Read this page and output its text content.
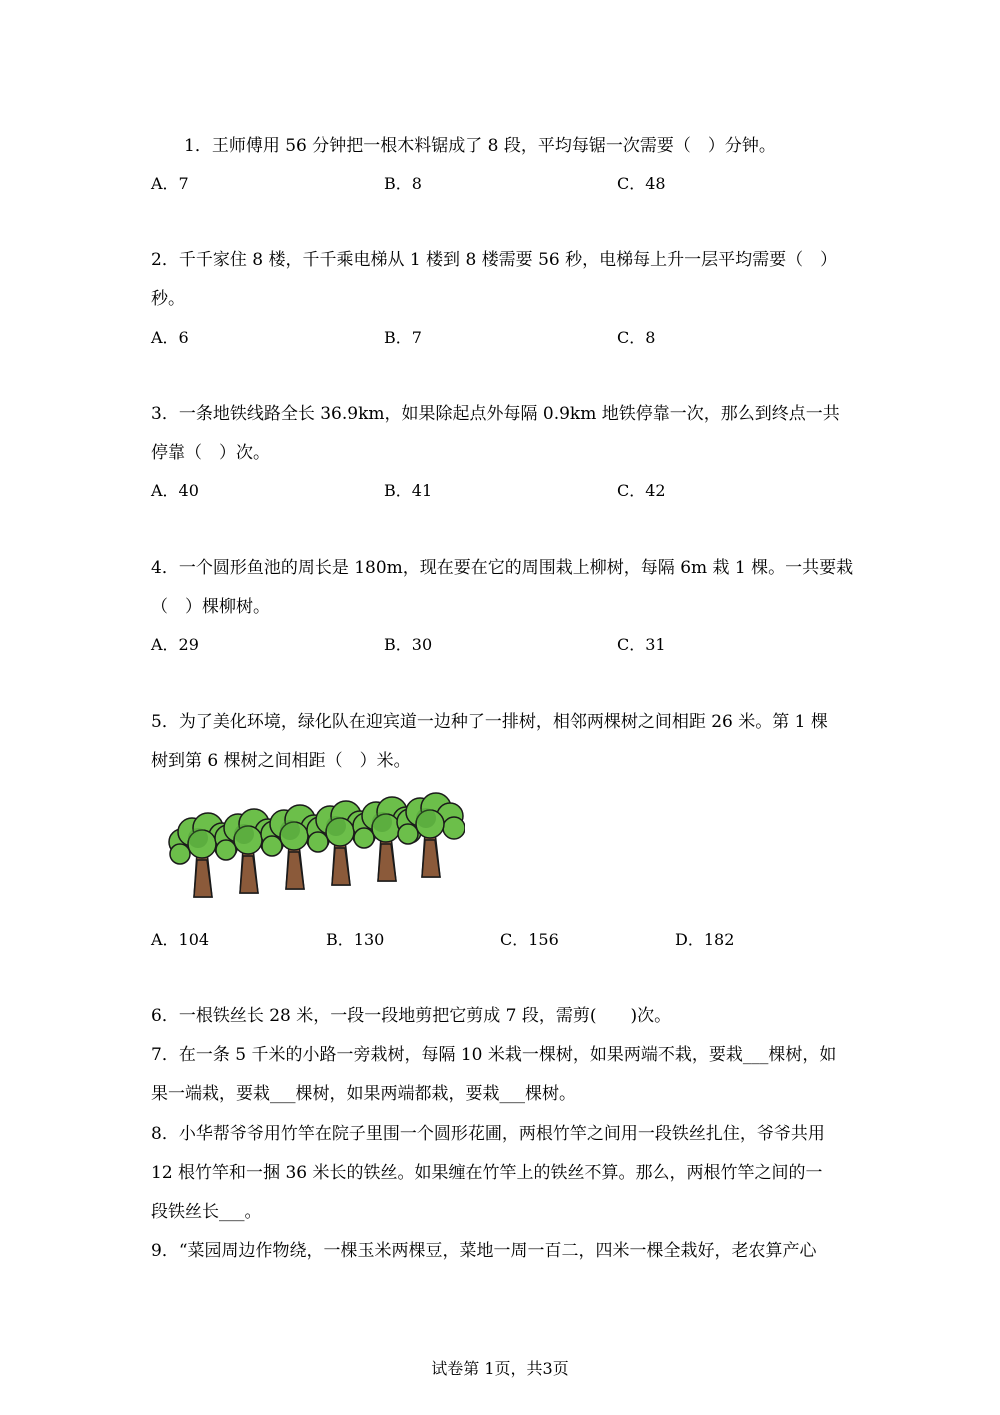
1．王师傅用 56 分钟把一根木料锯成了 8 段，平均每锯一次需要（　）分钟。
A．7	B．8	C．48
2．千千家住 8 楼，千千乘电梯从 1 楼到 8 楼需要 56 秒，电梯每上升一层平均需要（　）
秒。
A．6	B．7	C．8
3．一条地铁线路全长 36.9km，如果除起点外每隔 0.9km 地铁停靠一次，那么到终点一共
停靠（　）次。
A．40	B．41	C．42
4．一个圆形鱼池的周长是 180m，现在要在它的周围栽上柳树，每隔 6m 栽 1 棵。一共要栽
（　）棵柳树。
A．29	B．30	C．31
5．为了美化环境，绿化队在迎宾道一边种了一排树，相邻两棵树之间相距 26 米。第 1 棵
树到第 6 棵树之间相距（　）米。
A．104	B．130	C．156	D．182
6．一根铁丝长 28 米，一段一段地剪把它剪成 7 段，需剪(　　)次。
7．在一条 5 千米的小路一旁栽树，每隔 10 米栽一棵树，如果两端不栽，要栽___棵树，如
果一端栽，要栽___棵树，如果两端都栽，要栽___棵树。
8．小华帮爷爷用竹竿在院子里围一个圆形花圃，两根竹竿之间用一段铁丝扎住，爷爷共用
12 根竹竿和一捆 36 米长的铁丝。如果缠在竹竿上的铁丝不算。那么，两根竹竿之间的一
段铁丝长___。
9．“菜园周边作物绕，一棵玉米两棵豆，菜地一周一百二，四米一棵全栽好，老农算产心
试卷第 1页，共3页
